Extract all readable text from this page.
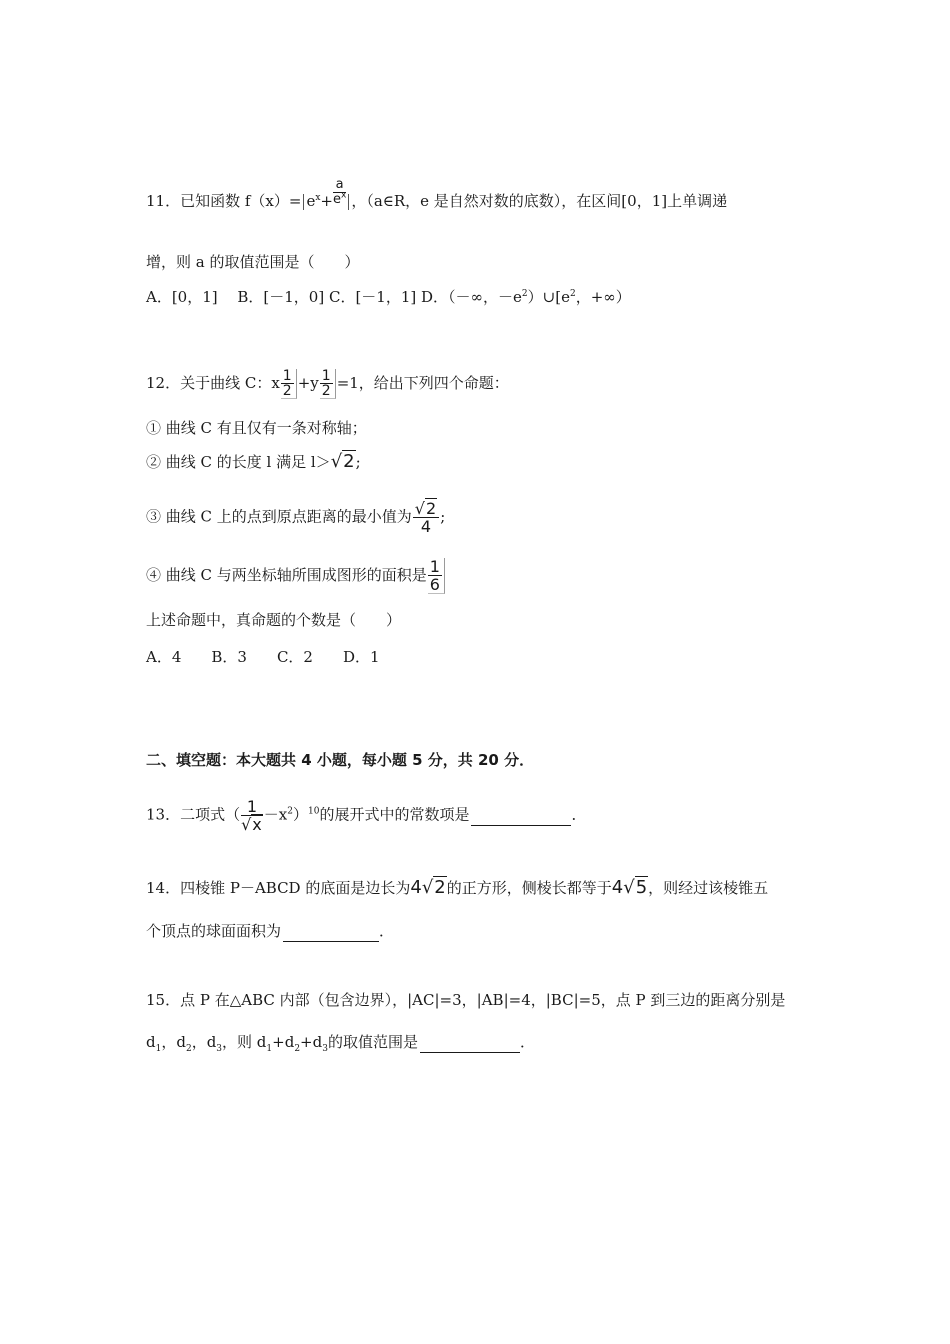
11．已知函数 $f(x)= e^x+ \frac{a}{e^x}$ ，（a∈R，e 是自然对数的底数），在区间[0，1]上单调递
增，则 a 的取值范围是（　　）
A．[0，1]　 B．[－1，0] C．[－1，1] D．（－∞，$-e^2)\cup[e^2$，+∞）
12．关于曲线 C：x $\frac{1}{2} +y \frac{1}{2} =1$，给出下列四个命题：
① 曲线 C 有且仅有一条对称轴；
② 曲线 C 的长度 l 满足 l＞√2;
③ 曲线 C 上的点到原点距离的最小值为 $\frac{√2}{4}$ ;
④ 曲线 C 与两坐标轴所围成图形的面积是 $\frac{1}{6}$
上述命题中，真命题的个数是（　　）
A．4　　B．3　　C．2　　D．1
二、填空题：本大题共 4 小题，每小题 5 分，共 20 分．
13．二项式（ $\frac{1}{√x} -x^2)^{10}$的展开式中的常数项是	．
14．四棱锥 P－ABCD 的底面是边长为4√2的正方形，侧棱长都等于4√5，则经过该棱锥五
个顶点的球面面积为	．
15．点 P 在△ABC 内部（包含边界），|AC|=3，|AB|=4，|BC|=5，点 P 到三边的距离分别是
$d_1$，$d_2$，$d_3$，则 $d_1+d_2+d_3$的取值范围是	．
